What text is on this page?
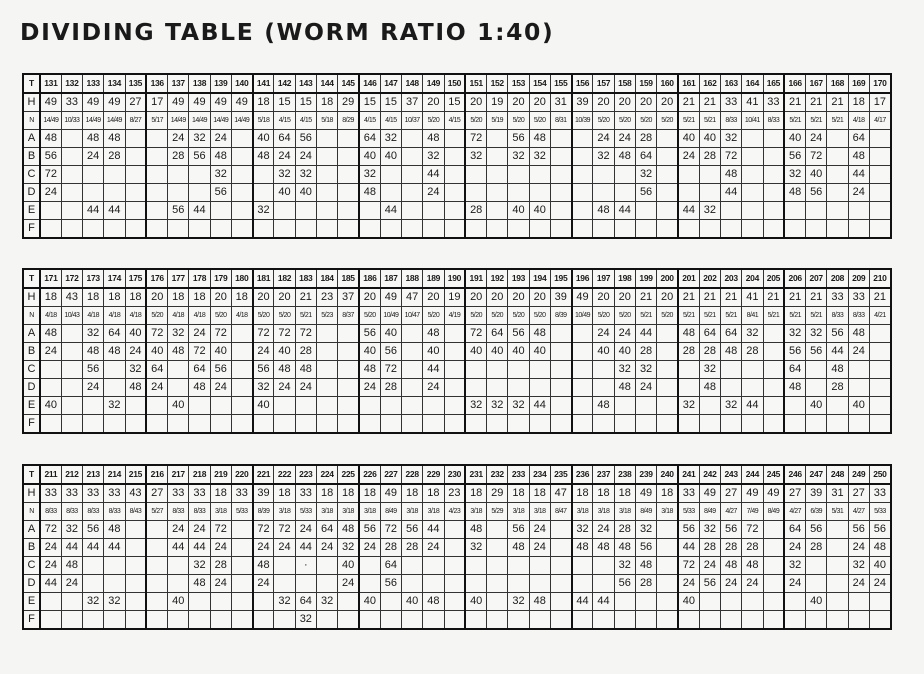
DIVIDING TABLE (WORM RATIO 1:40)
T	131	132	133	134	135	136	137	138	139	140	141	142	143	144	145	146	147	148	149	150	151	152	153	154	155	156	157	158	159	160	161	162	163	164	165	166	167	168	169	170
H	49	33	49	49	27	17	49	49	49	49	18	15	15	18	29	15	15	37	20	15	20	19	20	20	31	39	20	20	20	20	21	21	33	41	33	21	21	21	18	17
N	14/49	10/33	14/49	14/49	8/27	5/17	14/49	14/49	14/49	14/49	5/18	4/15	4/15	5/18	8/29	4/15	4/15	10/37	5/20	4/15	5/20	5/19	5/20	5/20	8/31	10/39	5/20	5/20	5/20	5/20	5/21	5/21	8/33	10/41	8/33	5/21	5/21	5/21	4/18	4/17
A	48		48	48			24	32	24		40	64	56			64	32		48		72		56	48			24	24	28		40	40	32			40	24		64	
B	56		24	28			28	56	48		48	24	24			40	40		32		32		32	32			32	48	64		24	28	72			56	72		48	
C	72								32			32	32			32			44										32				48			32	40		44	
D	24								56			40	40			48			24										56				44			48	56		24	
E			44	44			56	44			32						44				28		40	40			48	44			44	32								
F																																								
T	171	172	173	174	175	176	177	178	179	180	181	182	183	184	185	186	187	188	189	190	191	192	193	194	195	196	197	198	199	200	201	202	203	204	205	206	207	208	209	210
H	18	43	18	18	18	20	18	18	20	18	20	20	21	23	37	20	49	47	20	19	20	20	20	20	39	49	20	20	21	20	21	21	21	41	21	21	21	33	33	21
N	4/18	10/43	4/18	4/18	4/18	5/20	4/18	4/18	5/20	4/18	5/20	5/20	5/21	5/23	8/37	5/20	10/49	10/47	5/20	4/19	5/20	5/20	5/20	5/20	8/39	10/49	5/20	5/20	5/21	5/20	5/21	5/21	5/21	8/41	5/21	5/21	5/21	8/33	8/33	4/21
A	48		32	64	40	72	32	24	72		72	72	72			56	40		48		72	64	56	48			24	24	44		48	64	64	32		32	32	56	48	
B	24		48	48	24	40	48	72	40		24	40	28			40	56		40		40	40	40	40			40	40	28		28	28	48	28		56	56	44	24	
C			56		32	64		64	56		56	48	48			48	72		44									32	32			32				64		48		
D			24		48	24		48	24		32	24	24			24	28		24									48	24			48				48		28		
E	40			32			40				40										32	32	32	44			48				32		32	44			40		40	
F																																								
T	211	212	213	214	215	216	217	218	219	220	221	222	223	224	225	226	227	228	229	230	231	232	233	234	235	236	237	238	239	240	241	242	243	244	245	246	247	248	249	250
H	33	33	33	33	43	27	33	33	18	33	39	18	33	18	18	18	49	18	18	23	18	29	18	18	47	18	18	18	49	18	33	49	27	49	49	27	39	31	27	33
N	8/33	8/33	8/33	8/33	8/43	5/27	8/33	8/33	3/18	5/33	8/39	3/18	5/33	3/18	3/18	3/18	8/49	3/18	3/18	4/23	3/18	5/29	3/18	3/18	8/47	3/18	3/18	3/18	8/49	3/18	5/33	8/49	4/27	7/49	8/49	4/27	6/39	5/31	4/27	5/33
A	72	32	56	48			24	24	72		72	72	24	64	48	56	72	56	44		48		56	24		32	24	28	32		56	32	56	72		64	56		56	56
B	24	44	44	44			44	44	24		24	24	44	24	32	24	28	28	24		32		48	24		48	48	48	56		44	28	28	28		24	28		24	48
C	24	48						32	28		48		·		40		64											32	48		72	24	48	48		32			32	40
D	44	24						48	24		24				24		56											56	28		24	56	24	24		24			24	24
E			32	32			40					32	64	32		40		40	48		40		32	48		44	44				40						40			
F													32																											
